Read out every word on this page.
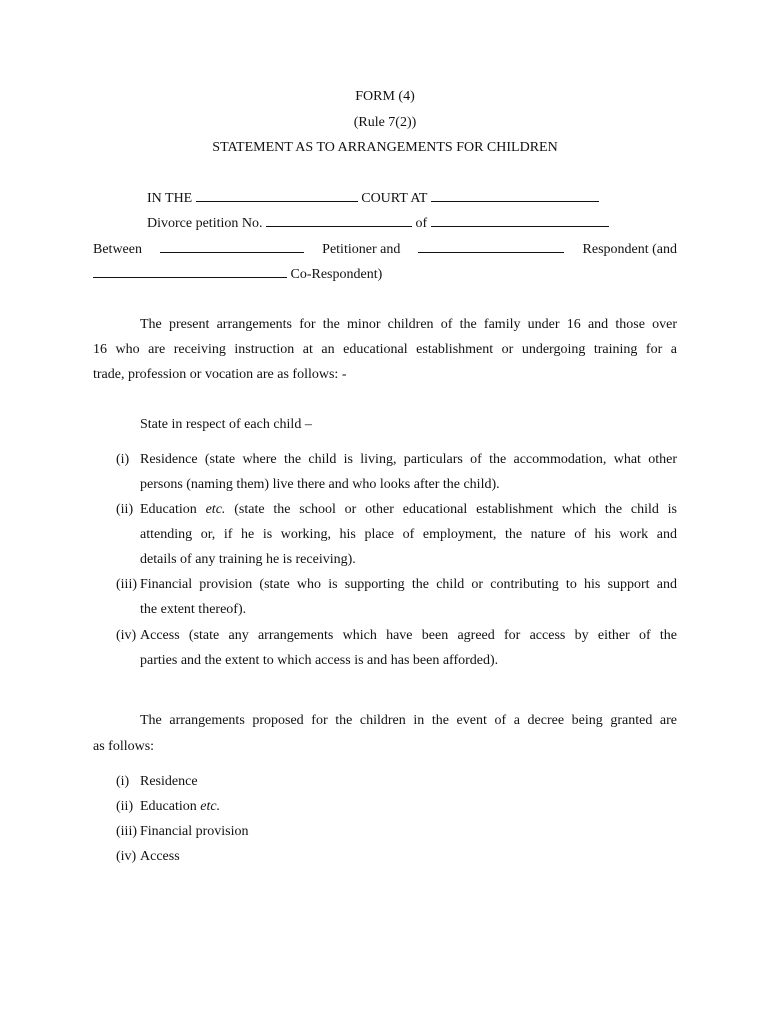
FORM (4)
(Rule 7(2))
STATEMENT AS TO ARRANGEMENTS FOR CHILDREN
IN THE	COURT AT
Divorce petition No.	of
Between	Petitioner and	Respondent (and
Co-Respondent)
The present arrangements for the minor children of the family under 16 and those over
16 who are receiving instruction at an educational establishment or undergoing training for a
trade, profession or vocation are as follows: -
State in respect of each child –
(i) Residence (state where the child is living, particulars of the accommodation, what other
persons (naming them) live there and who looks after the child).
(ii) Education etc. (state the school or other educational establishment which the child is
attending or, if he is working, his place of employment, the nature of his work and
details of any training he is receiving).
(iii) Financial provision (state who is supporting the child or contributing to his support and
the extent thereof).
(iv) Access (state any arrangements which have been agreed for access by either of the
parties and the extent to which access is and has been afforded).
The arrangements proposed for the children in the event of a decree being granted are
as follows:
(i) Residence
(ii) Education etc.
(iii) Financial provision
(iv) Access
